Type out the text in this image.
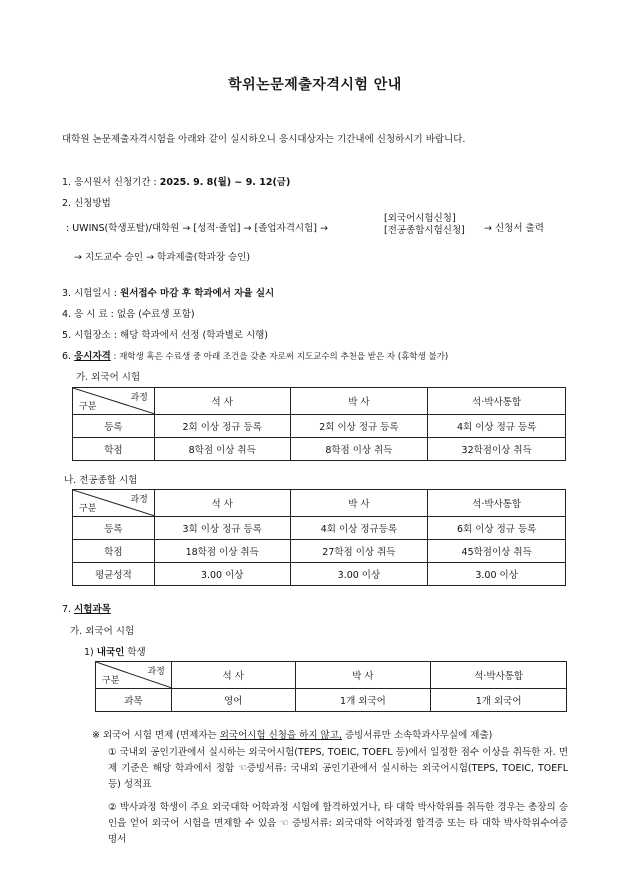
학위논문제출자격시험 안내
대학원 논문제출자격시험을 아래와 같이 실시하오니 응시대상자는 기간내에 신청하시기 바랍니다.
1. 응시원서 신청기간 : 2025. 9. 8(월) ~ 9. 12(금)
2. 신청방법
: UWINS(학생포탈)/대학원 → [성적·졸업] → [졸업자격시험] →
[외국어시험신청]
[전공종합시험신청] → 신청서 출력
→ 지도교수 승인 → 학과제출(학과장 승인)
3. 시험일시 : 원서접수 마감 후 학과에서 자율 실시
4. 응 시 료 : 없음 (수료생 포함)
5. 시험장소 : 해당 학과에서 선정 (학과별로 시행)
6. 응시자격 : 재학생 혹은 수료생 중 아래 조건을 갖춘 자로써 지도교수의 추천을 받은 자 (휴학생 불가)
가. 외국어 시험
과정
구분	석 사	박 사	석·박사통합
등록	2회 이상 정규 등록	2회 이상 정규 등록	4회 이상 정규 등록
학점	8학점 이상 취득	8학점 이상 취득	32학점이상 취득
나. 전공종합 시험
과정
구분	석 사	박 사	석·박사통합
등록	3회 이상 정규 등록	4회 이상 정규등록	6회 이상 정규 등록
학점	18학점 이상 취득	27학점 이상 취득	45학점이상 취득
평균성적	3.00 이상	3.00 이상	3.00 이상
7. 시험과목
가. 외국어 시험
1) 내국인 학생
과정
구분	석 사	박 사	석·박사통합
과목	영어	1개 외국어	1개 외국어
※ 외국어 시험 면제 (면제자는 외국어시험 신청을 하지 않고, 증빙서류만 소속학과사무실에 제출)
① 국내외 공인기관에서 실시하는 외국어시험(TEPS, TOEIC, TOEFL 등)에서 일정한 점수 이상을 취득한 자. 면제 기준은 해당 학과에서 정함 ☜증빙서류: 국내외 공인기관에서 실시하는 외국어시험(TEPS, TOEIC, TOEFL등) 성적표
② 박사과정 학생이 주요 외국대학 어학과정 시험에 합격하였거나, 타 대학 박사학위를 취득한 경우는 총장의 승인을 얻어 외국어 시험을 면제할 수 있음 ☜ 증빙서류: 외국대학 어학과정 합격증 또는 타 대학 박사학위수여증명서
